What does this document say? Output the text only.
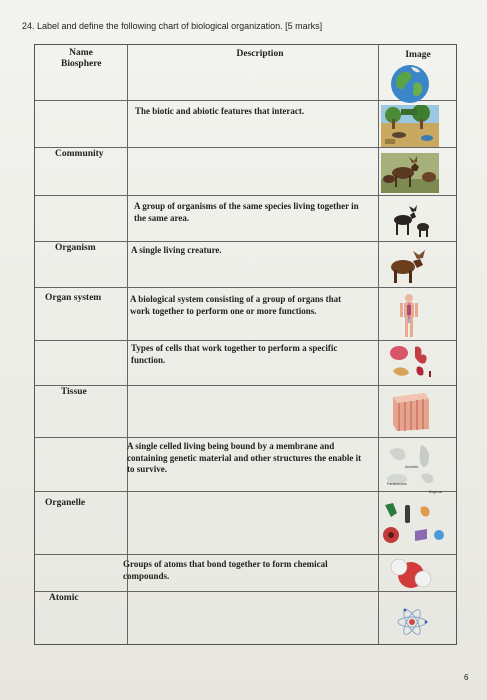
24. Label and define the following chart of biological organization. [5 marks]
Name	Description	Image
Biosphere
Community
Organism
Organ system
Tissue
Organelle
Atomic
The biotic and abiotic features that interact.
A group of organisms of the same species living together in the same area.
A single living creature.
A biological system consisting of a group of organs that work together to perform one or more functions.
Types of cells that work together to perform a specific function.
A single celled living being bound by a membrane and containing genetic material and other structures the enable it to survive.
Groups of atoms that bond together to form chemical compounds.
Amoeba
Paramecium
Euglena
6
